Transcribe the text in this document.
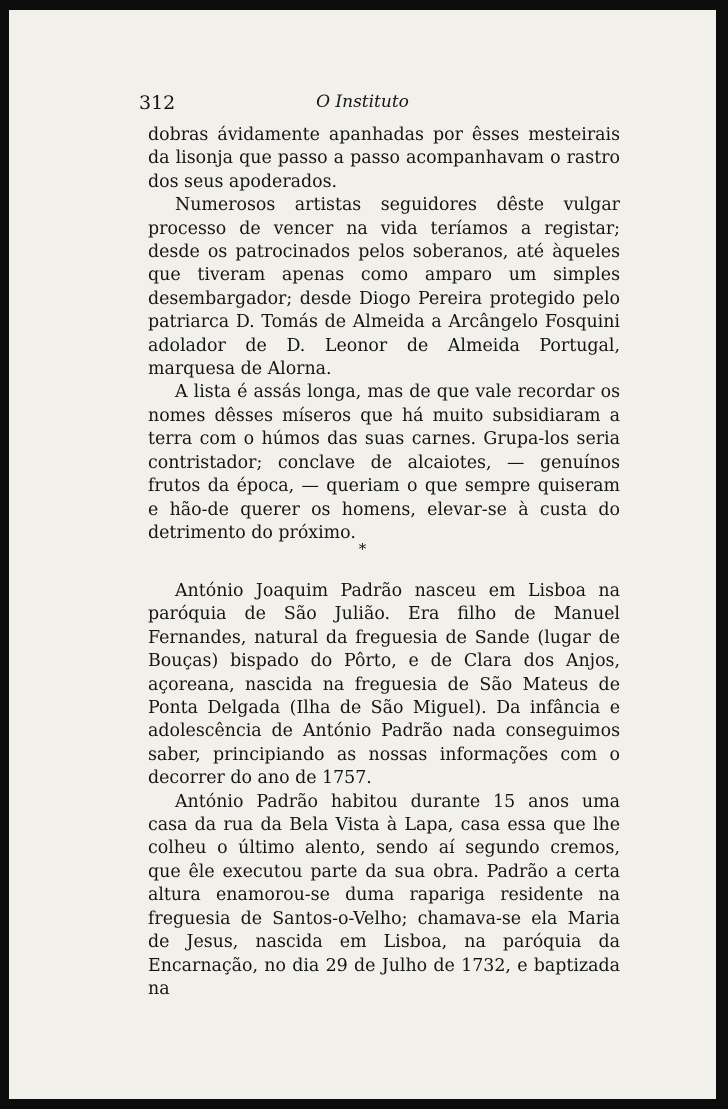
312	O Instituto

dobras ávidamente apanhadas por êsses mesteirais da lisonja que passo a passo acompanhavam o rastro dos seus apoderados.

Numerosos artistas seguidores dêste vulgar processo de vencer na vida teríamos a registar; desde os patrocinados pelos soberanos, até àqueles que tiveram apenas como amparo um simples desembargador; desde Diogo Pereira protegido pelo patriarca D. Tomás de Almeida a Arcângelo Fosquini adolador de D. Leonor de Almeida Portugal, marquesa de Alorna.

A lista é assás longa, mas de que vale recordar os nomes dêsses míseros que há muito subsidiaram a terra com o húmos das suas carnes. Grupa-los seria contristador; conclave de alcaiotes, — genuínos frutos da época, — queriam o que sempre quiseram e hão-de querer os homens, elevar-se à custa do detrimento do próximo.

*

António Joaquim Padrão nasceu em Lisboa na paróquia de São Julião. Era filho de Manuel Fernandes, natural da freguesia de Sande (lugar de Bouças) bispado do Pôrto, e de Clara dos Anjos, açoreana, nascida na freguesia de São Mateus de Ponta Delgada (Ilha de São Miguel). Da infância e adolescência de António Padrão nada conseguimos saber, principiando as nossas informações com o decorrer do ano de 1757.

António Padrão habitou durante 15 anos uma casa da rua da Bela Vista à Lapa, casa essa que lhe colheu o último alento, sendo aí segundo cremos, que êle executou parte da sua obra. Padrão a certa altura enamorou-se duma rapariga residente na freguesia de Santos-o-Velho; chamava-se ela Maria de Jesus, nascida em Lisboa, na paróquia da Encarnação, no dia 29 de Julho de 1732, e baptizada na
